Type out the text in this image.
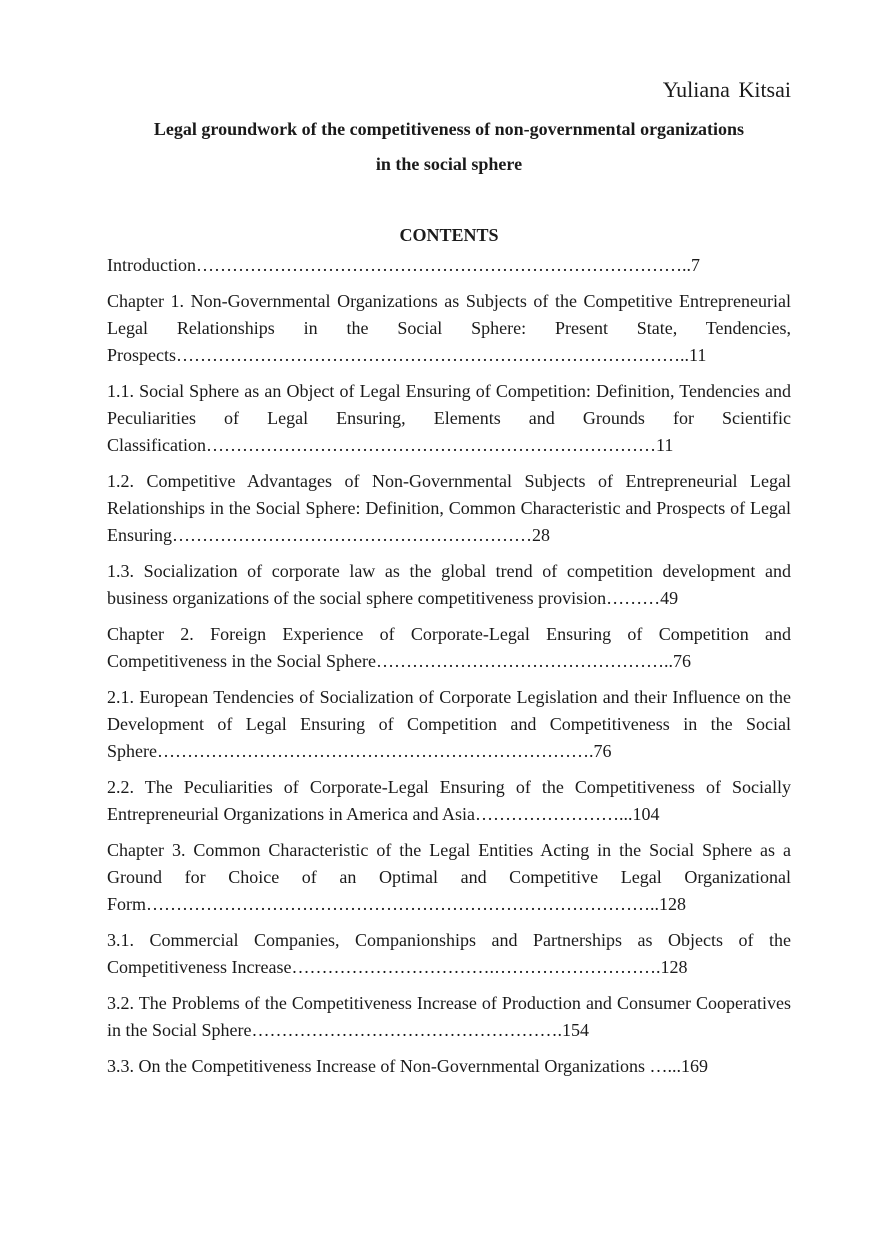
Yuliana Kitsai

Legal groundwork of the competitiveness of non-governmental organizations

in the social sphere

CONTENTS

Introduction………………………………………………………………………..7

Chapter 1. Non-Governmental Organizations as Subjects of the Competitive Entrepreneurial Legal Relationships in the Social Sphere: Present State, Tendencies, Prospects…………………………………………………………………………..11

1.1. Social Sphere as an Object of Legal Ensuring of Competition: Definition, Tendencies and Peculiarities of Legal Ensuring, Elements and Grounds for Scientific Classification…………………………………………………………………11

1.2. Competitive Advantages of Non-Governmental Subjects of Entrepreneurial Legal Relationships in the Social Sphere: Definition, Common Characteristic and Prospects of Legal Ensuring……………………………………………………28

1.3. Socialization of corporate law as the global trend of competition development and business organizations of the social sphere competitiveness provision………49

Chapter 2. Foreign Experience of Corporate-Legal Ensuring of Competition and Competitiveness in the Social Sphere…………………………………………..76

2.1. European Tendencies of Socialization of Corporate Legislation and their Influence on the Development of Legal Ensuring of Competition and Competitiveness in the Social Sphere……………………………………………………………….76

2.2. The Peculiarities of Corporate-Legal Ensuring of the Competitiveness of Socially Entrepreneurial Organizations in America and Asia……………………...104

Chapter 3. Common Characteristic of the Legal Entities Acting in the Social Sphere as a Ground for Choice of an Optimal and Competitive Legal Organizational Form…………………………………………………………………………..128

3.1. Commercial Companies, Companionships and Partnerships as Objects of the Competitiveness Increase…………………………….……………………….128

3.2. The Problems of the Competitiveness Increase of Production and Consumer Cooperatives in the Social Sphere…………………………………………….154

3.3. On the Competitiveness Increase of Non-Governmental Organizations …...169
